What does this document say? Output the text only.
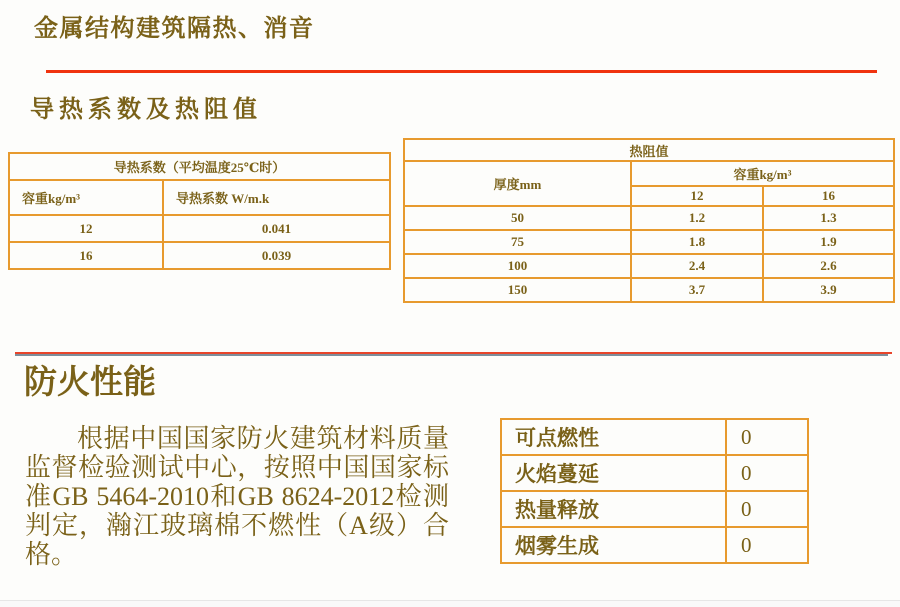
金属结构建筑隔热、消音
导热系数及热阻值
导热系数（平均温度25℃时）	
容重kg/m³	导热系数 W/m.k
12	0.041
16	0.039
热阻值		
厚度mm	容重kg/m³	
	12	16
50	1.2	1.3
75	1.8	1.9
100	2.4	2.6
150	3.7	3.9
防火性能

根据中国国家防火建筑材料质量监督检验测试中心，按照中国国家标准GB 5464-2010和GB 8624-2012检测判定，瀚江玻璃棉不燃性（A级）合格。

可点燃性	0
火焰蔓延	0
热量释放	0
烟雾生成	0
